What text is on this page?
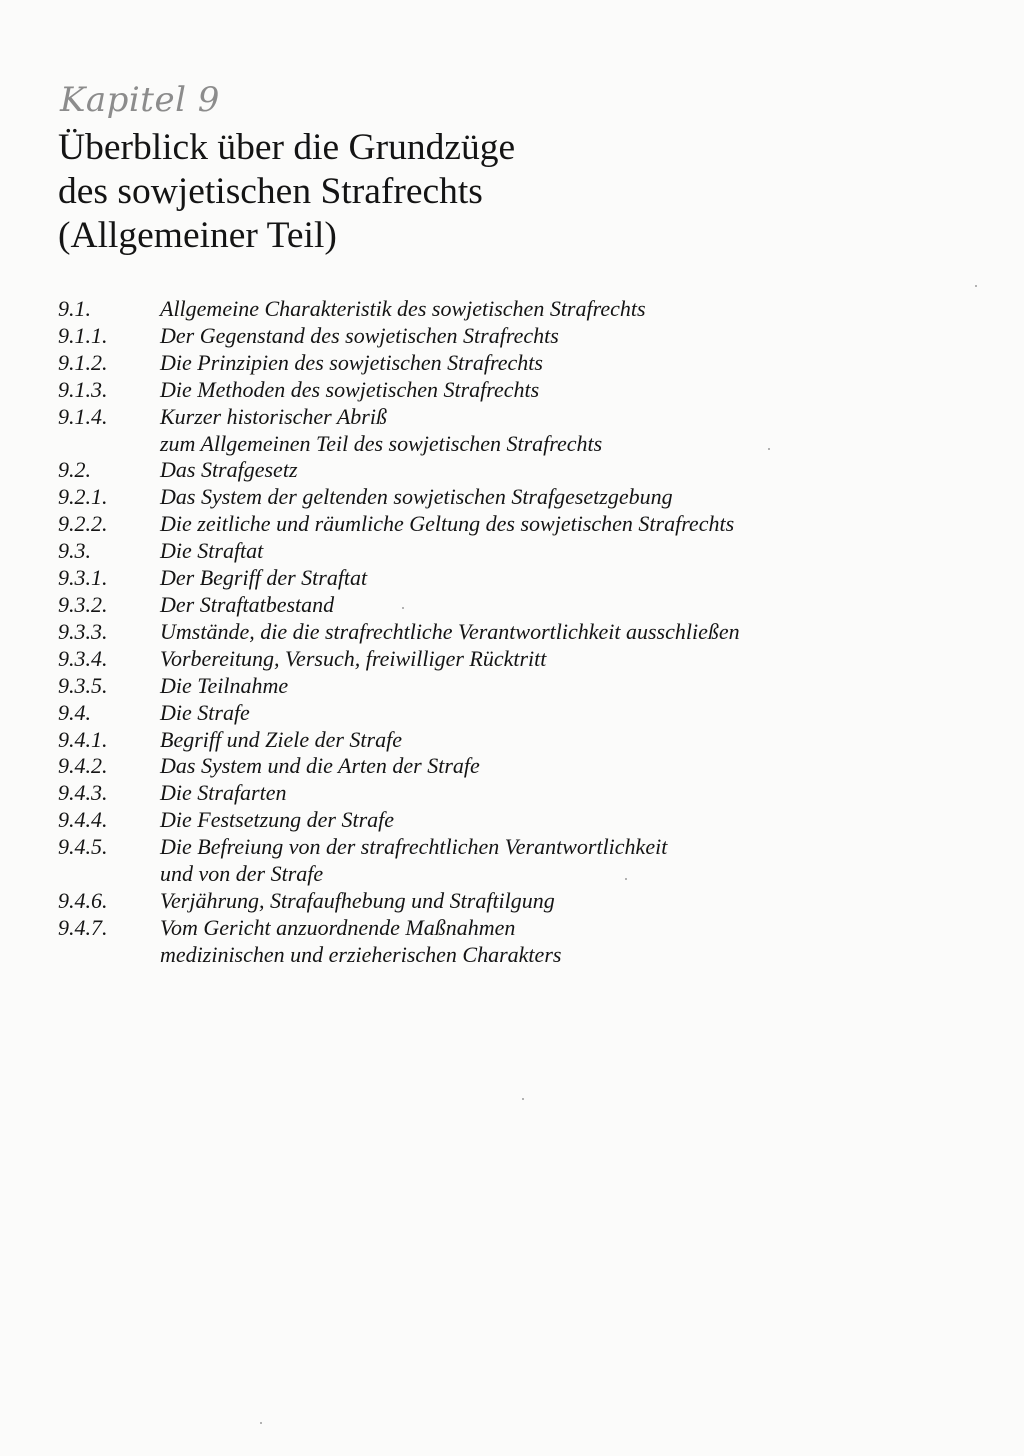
Kapitel 9
Überblick über die Grundzüge
des sowjetischen Strafrechts
(Allgemeiner Teil)
9.1.	Allgemeine Charakteristik des sowjetischen Strafrechts
9.1.1.	Der Gegenstand des sowjetischen Strafrechts
9.1.2.	Die Prinzipien des sowjetischen Strafrechts
9.1.3.	Die Methoden des sowjetischen Strafrechts
9.1.4.	Kurzer historischer Abriß
zum Allgemeinen Teil des sowjetischen Strafrechts
9.2.	Das Strafgesetz
9.2.1.	Das System der geltenden sowjetischen Strafgesetzgebung
9.2.2.	Die zeitliche und räumliche Geltung des sowjetischen Strafrechts
9.3.	Die Straftat
9.3.1.	Der Begriff der Straftat
9.3.2.	Der Straftatbestand
9.3.3.	Umstände, die die strafrechtliche Verantwortlichkeit ausschließen
9.3.4.	Vorbereitung, Versuch, freiwilliger Rücktritt
9.3.5.	Die Teilnahme
9.4.	Die Strafe
9.4.1.	Begriff und Ziele der Strafe
9.4.2.	Das System und die Arten der Strafe
9.4.3.	Die Strafarten
9.4.4.	Die Festsetzung der Strafe
9.4.5.	Die Befreiung von der strafrechtlichen Verantwortlichkeit
und von der Strafe
9.4.6.	Verjährung, Strafaufhebung und Straftilgung
9.4.7.	Vom Gericht anzuordnende Maßnahmen
medizinischen und erzieherischen Charakters
